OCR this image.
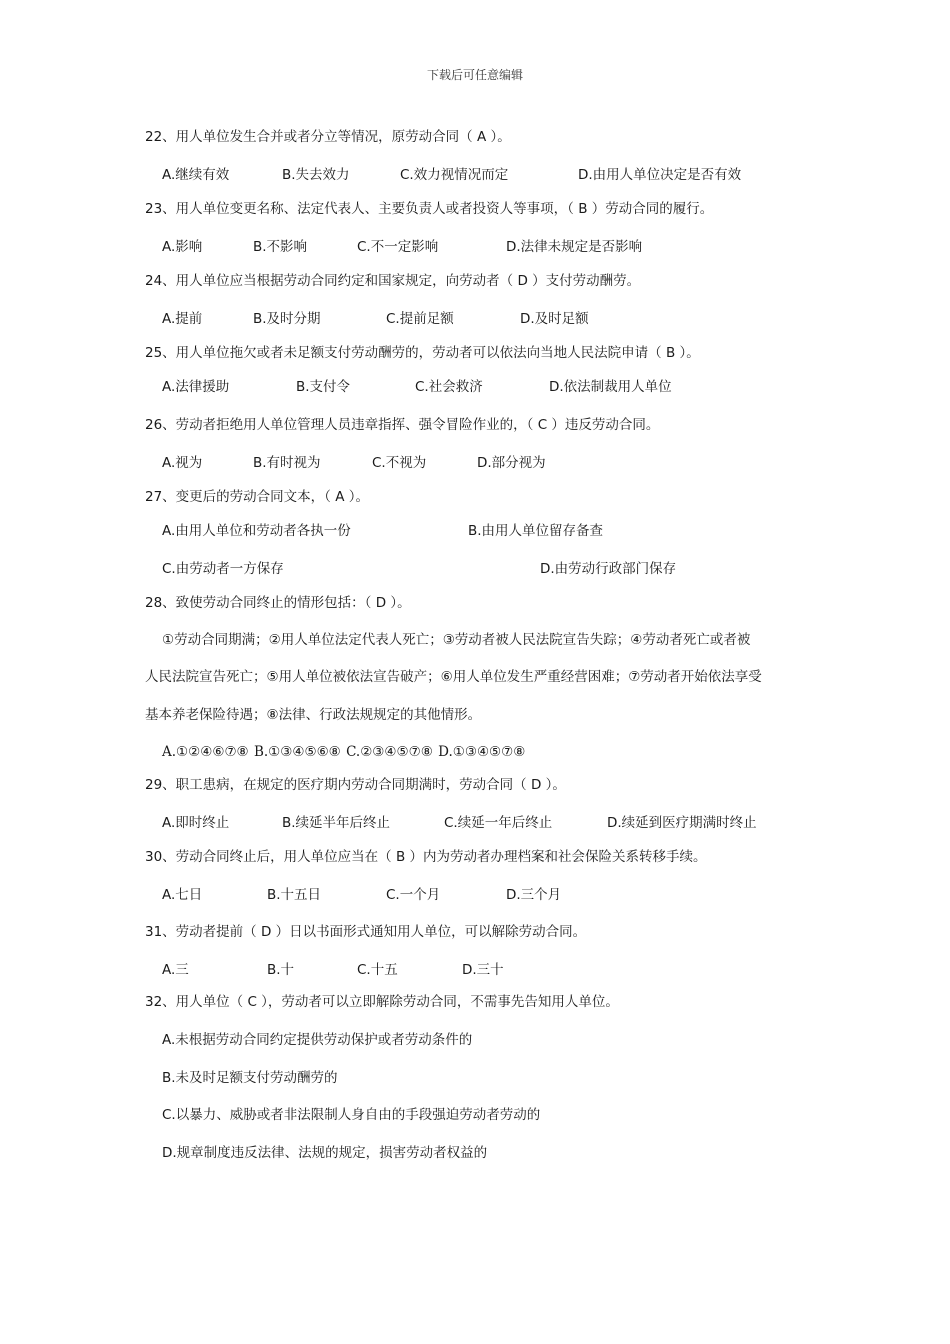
下载后可任意编辑
22、用人单位发生合并或者分立等情况，原劳动合同（ A ）。
A.继续有效	B.失去效力	C.效力视情况而定	D.由用人单位决定是否有效
23、用人单位变更名称、法定代表人、主要负责人或者投资人等事项，（ B ）劳动合同的履行。
A.影响	B.不影响	C.不一定影响	D.法律未规定是否影响
24、用人单位应当根据劳动合同约定和国家规定，向劳动者（ D ）支付劳动酬劳。
A.提前	B.及时分期	C.提前足额	D.及时足额
25、用人单位拖欠或者未足额支付劳动酬劳的，劳动者可以依法向当地人民法院申请（ B ）。
A.法律援助	B.支付令	C.社会救济	D.依法制裁用人单位
26、劳动者拒绝用人单位管理人员违章指挥、强令冒险作业的，（ C ）违反劳动合同。
A.视为	B.有时视为	C.不视为	D.部分视为
27、变更后的劳动合同文本，（ A ）。
A.由用人单位和劳动者各执一份	B.由用人单位留存备查
C.由劳动者一方保存	D.由劳动行政部门保存
28、致使劳动合同终止的情形包括：（ D ）。
①劳动合同期满；②用人单位法定代表人死亡；③劳动者被人民法院宣告失踪；④劳动者死亡或者被
人民法院宣告死亡；⑤用人单位被依法宣告破产；⑥用人单位发生严重经营困难；⑦劳动者开始依法享受
基本养老保险待遇；⑧法律、行政法规规定的其他情形。
A.①②④⑥⑦⑧ B.①③④⑤⑥⑧ C.②③④⑤⑦⑧ D.①③④⑤⑦⑧
29、职工患病，在规定的医疗期内劳动合同期满时，劳动合同（ D ）。
A.即时终止	B.续延半年后终止	C.续延一年后终止	D.续延到医疗期满时终止
30、劳动合同终止后，用人单位应当在（ B ）内为劳动者办理档案和社会保险关系转移手续。
A.七日	B.十五日	C.一个月	D.三个月
31、劳动者提前（ D ）日以书面形式通知用人单位，可以解除劳动合同。
A.三	B.十	C.十五	D.三十
32、用人单位（ C ），劳动者可以立即解除劳动合同，不需事先告知用人单位。
A.未根据劳动合同约定提供劳动保护或者劳动条件的
B.未及时足额支付劳动酬劳的
C.以暴力、威胁或者非法限制人身自由的手段强迫劳动者劳动的
D.规章制度违反法律、法规的规定，损害劳动者权益的
